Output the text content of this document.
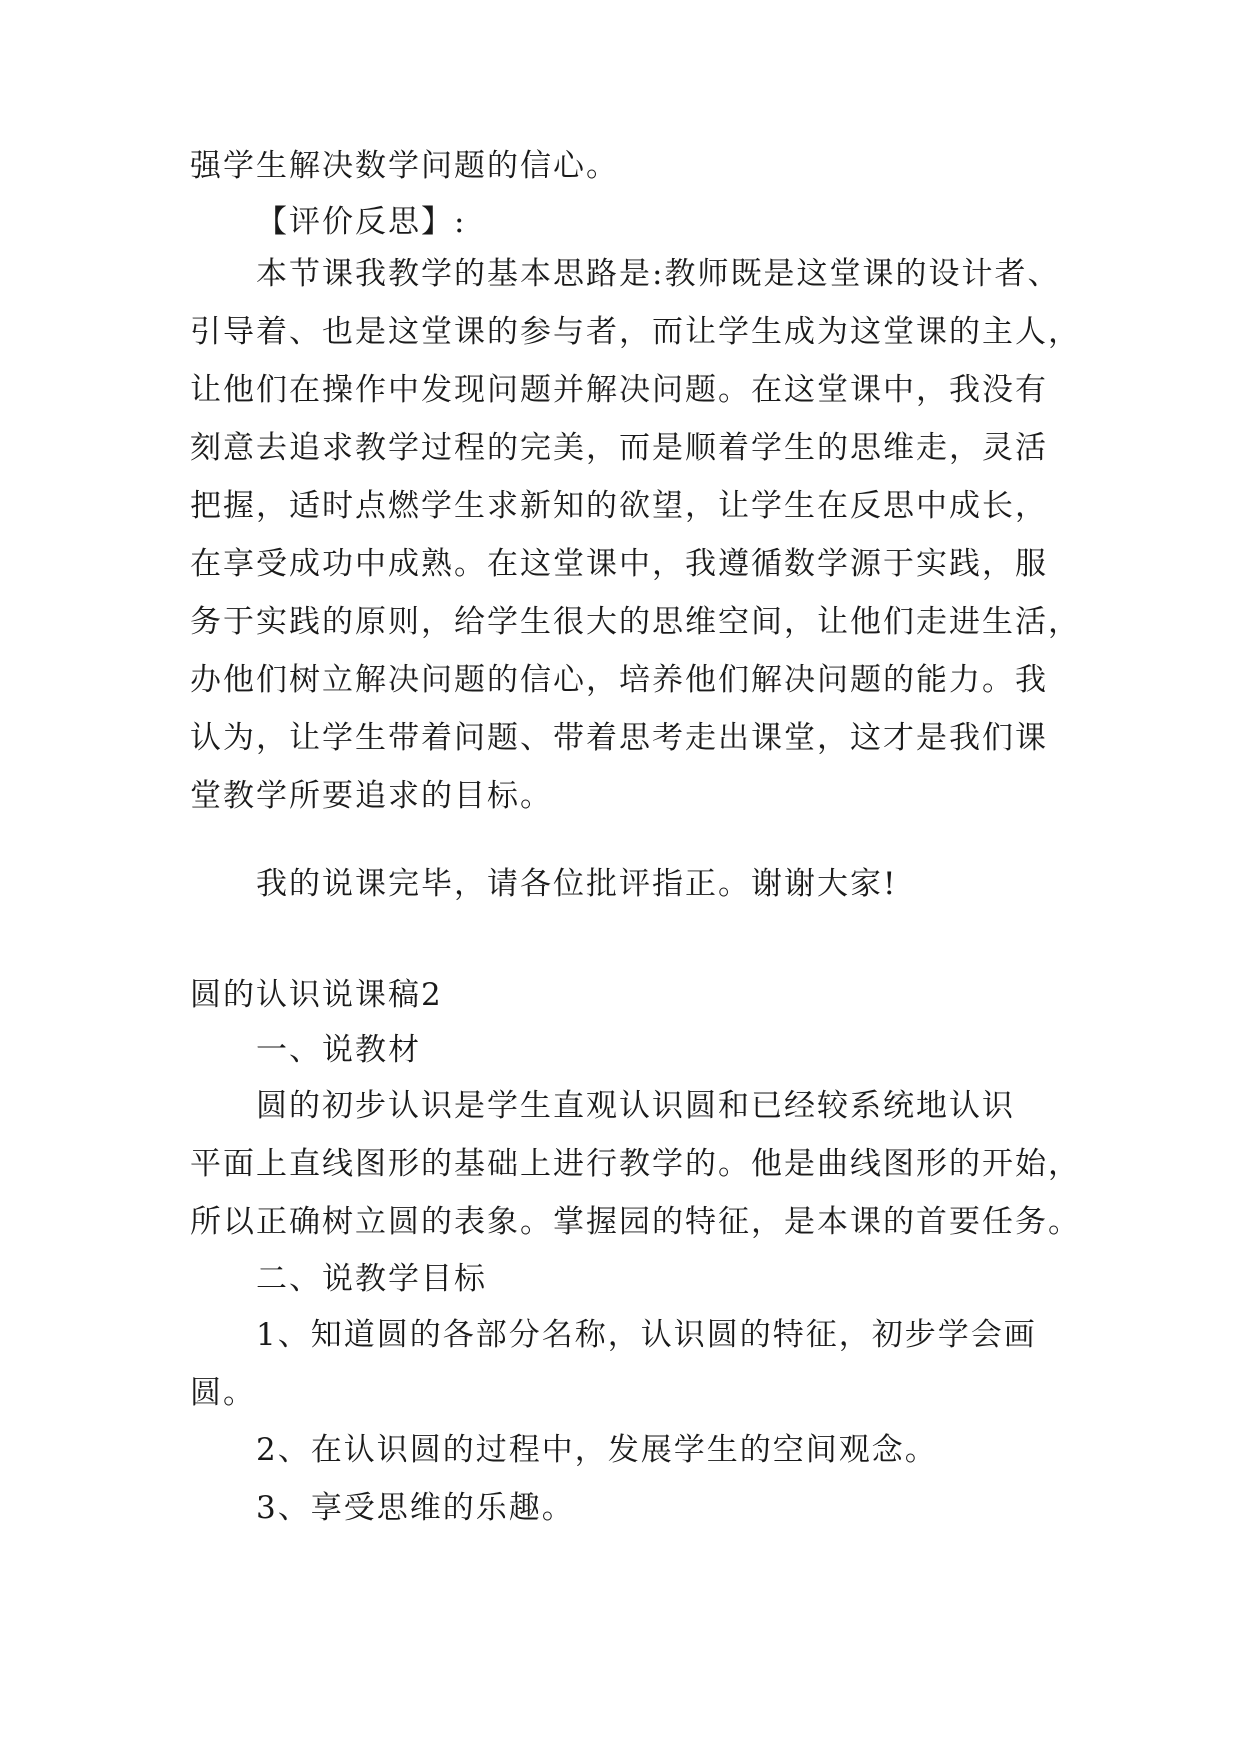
强学生解决数学问题的信心。

【评价反思】:

本节课我教学的基本思路是:教师既是这堂课的设计者、
引导着、也是这堂课的参与者，而让学生成为这堂课的主人，
让他们在操作中发现问题并解决问题。在这堂课中，我没有
刻意去追求教学过程的完美，而是顺着学生的思维走，灵活
把握，适时点燃学生求新知的欲望，让学生在反思中成长，
在享受成功中成熟。在这堂课中，我遵循数学源于实践，服
务于实践的原则，给学生很大的思维空间，让他们走进生活，
办他们树立解决问题的信心，培养他们解决问题的能力。我
认为，让学生带着问题、带着思考走出课堂，这才是我们课
堂教学所要追求的目标。

我的说课完毕，请各位批评指正。谢谢大家!

圆的认识说课稿2

一、说教材

圆的初步认识是学生直观认识圆和已经较系统地认识
平面上直线图形的基础上进行教学的。他是曲线图形的开始，
所以正确树立圆的表象。掌握园的特征，是本课的首要任务。

二、说教学目标

1、知道圆的各部分名称，认识圆的特征，初步学会画
圆。

2、在认识圆的过程中，发展学生的空间观念。

3、享受思维的乐趣。
